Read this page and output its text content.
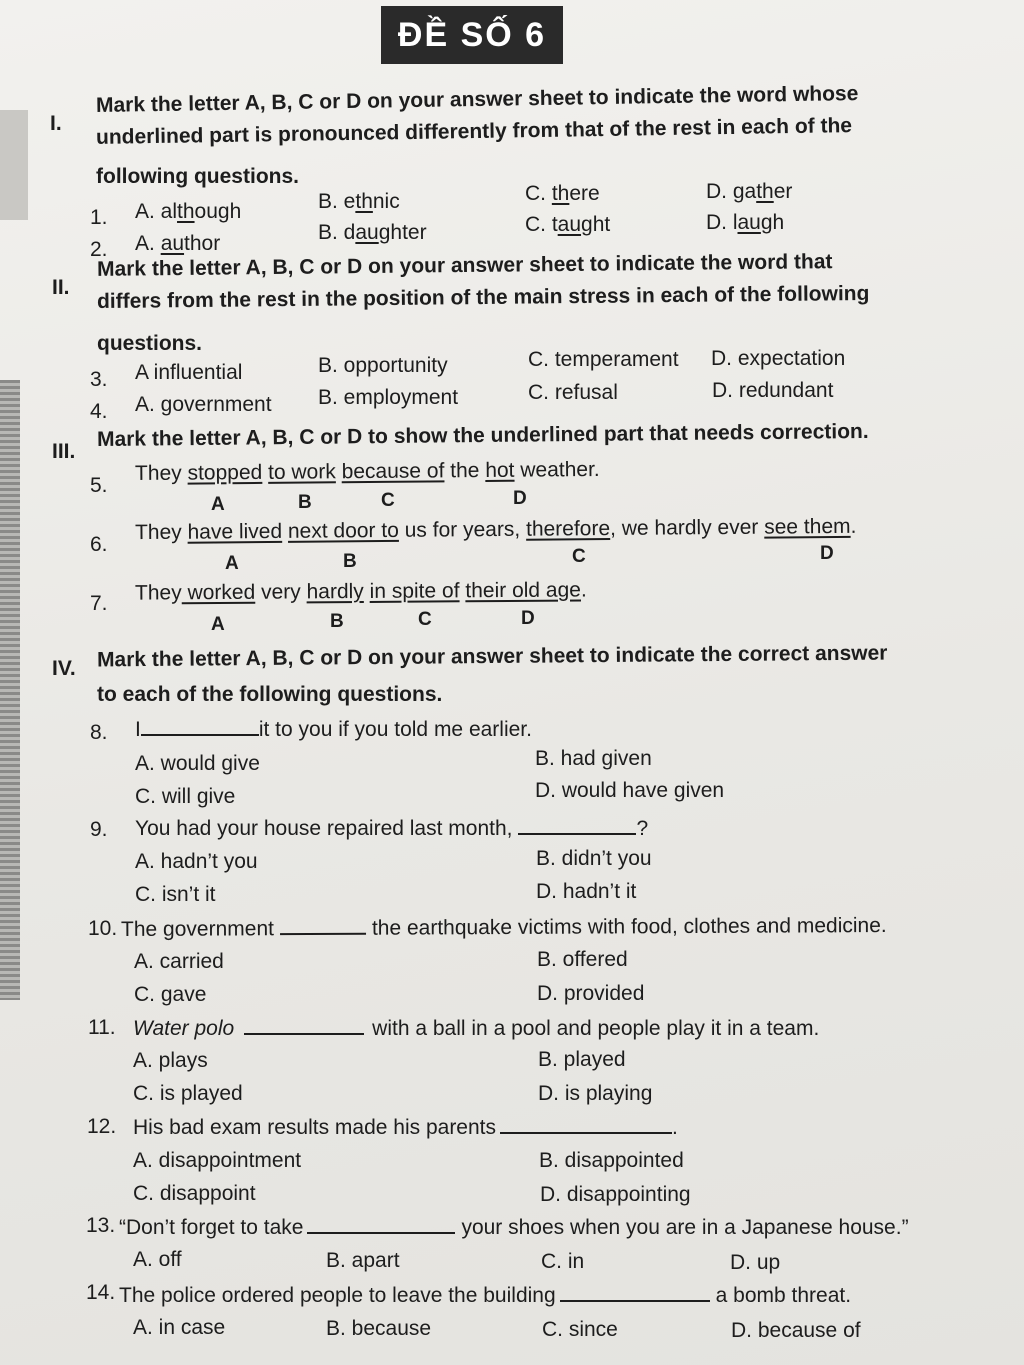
ĐỀ SỐ 6
I.
Mark the letter A, B, C or D on your answer sheet to indicate the word whose
underlined part is pronounced differently from that of the rest in each of the
following questions.
1. A. although	B. ethnic	C. there	D. gather
2. A. author	B. daughter	C. taught	D. laugh
II.
Mark the letter A, B, C or D on your answer sheet to indicate the word that
differs from the rest in the position of the main stress in each of the following
questions.
3. A influential	B. opportunity	C. temperament D. expectation
4. A. government B. employment	C. refusal	D. redundant
III.
Mark the letter A, B, C or D to show the underlined part that needs correction.
5.
They stopped to work because of the hot weather.
A	B	C	D
6.
They have lived next door to us for years, therefore, we hardly ever see them.
A	B	C	D
7. They worked very hardly in spite of their old age.
A	B	C	D
IV. Mark the letter A, B, C or D on your answer sheet to indicate the correct answer
to each of the following questions.
8. I	it to you if you told me earlier.
A. would give	B. had given
C. will give	D. would have given
9. You had your house repaired last month,	?
A. hadn’t you	B. didn’t you
C. isn’t it	D. hadn’t it
10. The government	the earthquake victims with food, clothes and medicine.
A. carried	B. offered
C. gave	D. provided
11. Water polo	with a ball in a pool and people play it in a team.
A. plays	B. played
C. is played	D. is playing
12. His bad exam results made his parents	.
A. disappointment	B. disappointed
C. disappoint	D. disappointing
13. “Don’t forget to take	your shoes when you are in a Japanese house.”
A. off	B. apart	C. in	D. up
14. The police ordered people to leave the building	a bomb threat.
A. in case	B. because	C. since	D. because of
